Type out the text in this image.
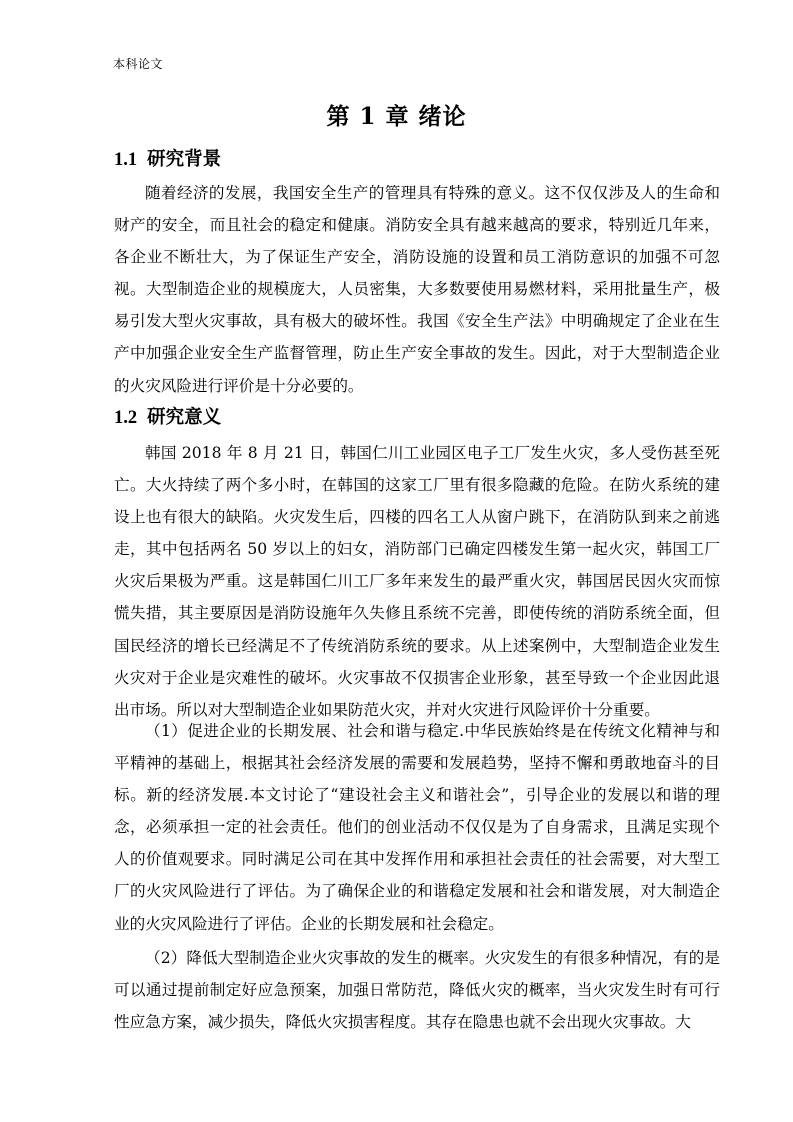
本科论文
第 1 章 绪论
1.1 研究背景

随着经济的发展，我国安全生产的管理具有特殊的意义。这不仅仅涉及人的生命和财产的安全，而且社会的稳定和健康。消防安全具有越来越高的要求，特别近几年来，各企业不断壮大，为了保证生产安全，消防设施的设置和员工消防意识的加强不可忽视。大型制造企业的规模庞大，人员密集，大多数要使用易燃材料，采用批量生产，极易引发大型火灾事故，具有极大的破坏性。我国《安全生产法》中明确规定了企业在生产中加强企业安全生产监督管理，防止生产安全事故的发生。因此，对于大型制造企业的火灾风险进行评价是十分必要的。

1.2 研究意义

韩国 2018 年 8 月 21 日，韩国仁川工业园区电子工厂发生火灾，多人受伤甚至死亡。大火持续了两个多小时，在韩国的这家工厂里有很多隐藏的危险。在防火系统的建设上也有很大的缺陷。火灾发生后，四楼的四名工人从窗户跳下，在消防队到来之前逃走，其中包括两名 50 岁以上的妇女，消防部门已确定四楼发生第一起火灾，韩国工厂火灾后果极为严重。这是韩国仁川工厂多年来发生的最严重火灾，韩国居民因火灾而惊慌失措，其主要原因是消防设施年久失修且系统不完善，即使传统的消防系统全面，但国民经济的增长已经满足不了传统消防系统的要求。从上述案例中，大型制造企业发生火灾对于企业是灾难性的破坏。火灾事故不仅损害企业形象，甚至导致一个企业因此退出市场。所以对大型制造企业如果防范火灾，并对火灾进行风险评价十分重要。

（1）促进企业的长期发展、社会和谐与稳定.中华民族始终是在传统文化精神与和平精神的基础上，根据其社会经济发展的需要和发展趋势，坚持不懈和勇敢地奋斗的目标。新的经济发展.本文讨论了“建设社会主义和谐社会”，引导企业的发展以和谐的理念，必须承担一定的社会责任。他们的创业活动不仅仅是为了自身需求，且满足实现个人的价值观要求。同时满足公司在其中发挥作用和承担社会责任的社会需要，对大型工厂的火灾风险进行了评估。为了确保企业的和谐稳定发展和社会和谐发展，对大制造企业的火灾风险进行了评估。企业的长期发展和社会稳定。

（2）降低大型制造企业火灾事故的发生的概率。火灾发生的有很多种情况，有的是可以通过提前制定好应急预案，加强日常防范，降低火灾的概率，当火灾发生时有可行性应急方案，减少损失，降低火灾损害程度。其存在隐患也就不会出现火灾事故。大
